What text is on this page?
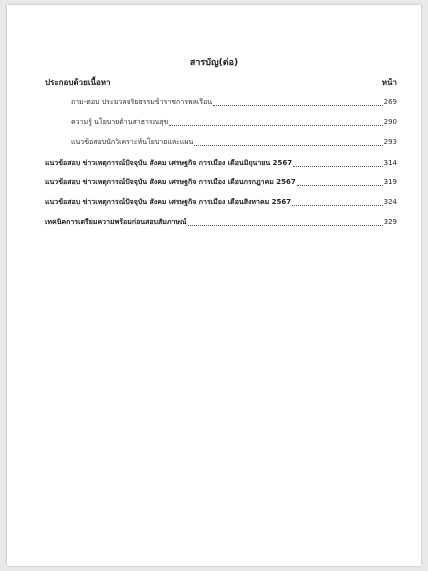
สารบัญ(ต่อ)
ประกอบด้วยเนื้อหา	หน้า
ถาม-ตอบ ประมวลจริยธรรมข้าราชการพลเรือน	269
ความรู้ นโยบายด้านสาธารณสุข	290
แนวข้อสอบนักวิเคราะห์นโยบายและแผน	293
แนวข้อสอบ ข่าวเหตุการณ์ปัจจุบัน สังคม เศรษฐกิจ การเมือง เดือนมิถุนายน 2567	314
แนวข้อสอบ ข่าวเหตุการณ์ปัจจุบัน สังคม เศรษฐกิจ การเมือง เดือนกรกฎาคม 2567	319
แนวข้อสอบ ข่าวเหตุการณ์ปัจจุบัน สังคม เศรษฐกิจ การเมือง เดือนสิงหาคม 2567	324
เทคนิคการเตรียมความพร้อมก่อนสอบสัมภาษณ์	329
